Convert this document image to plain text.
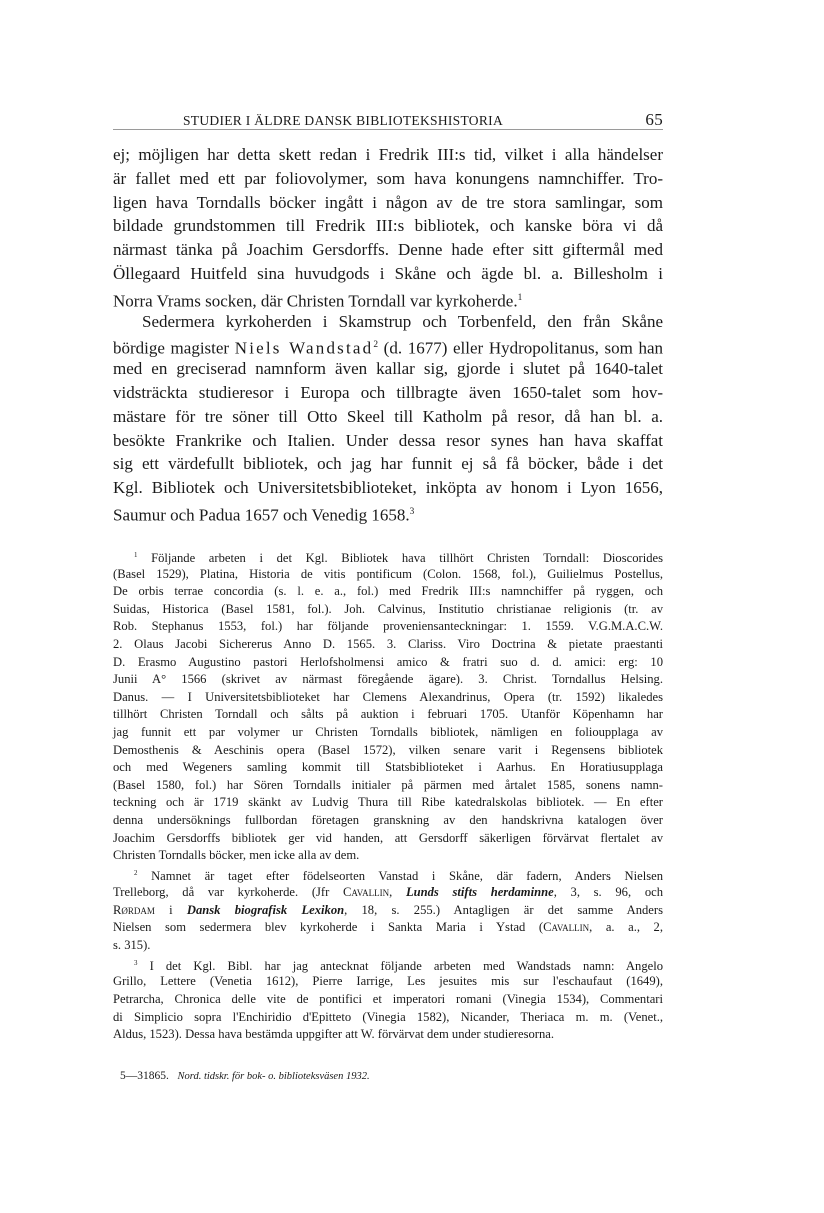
STUDIER I ÄLDRE DANSK BIBLIOTEKSHISTORIA	65
ej; möjligen har detta skett redan i Fredrik III:s tid, vilket i alla händelser
är fallet med ett par foliovolymer, som hava konungens namnchiffer. Tro-
ligen hava Torndalls böcker ingått i någon av de tre stora samlingar, som
bildade grundstommen till Fredrik III:s bibliotek, och kanske böra vi då
närmast tänka på Joachim Gersdorffs. Denne hade efter sitt giftermål med
Öllegaard Huitfeld sina huvudgods i Skåne och ägde bl. a. Billesholm i
Norra Vrams socken, där Christen Torndall var kyrkoherde.$^1$
Sedermera kyrkoherden i Skamstrup och Torbenfeld, den från Skåne
bördige magister Niels Wandstad$^2$ (d. 1677) eller Hydropolitanus, som han
med en greciserad namnform även kallar sig, gjorde i slutet på 1640-talet
vidsträckta studieresor i Europa och tillbragte även 1650-talet som hov-
mästare för tre söner till Otto Skeel till Katholm på resor, då han bl. a.
besökte Frankrike och Italien. Under dessa resor synes han hava skaffat
sig ett värdefullt bibliotek, och jag har funnit ej så få böcker, både i det
Kgl. Bibliotek och Universitetsbiblioteket, inköpta av honom i Lyon 1656,
Saumur och Padua 1657 och Venedig 1658.$^3$
$^1$ Följande arbeten i det Kgl. Bibliotek hava tillhört Christen Torndall: Dioscorides
(Basel 1529), Platina, Historia de vitis pontificum (Colon. 1568, fol.), Guilielmus Postellus,
De orbis terrae concordia (s. l. e. a., fol.) med Fredrik III:s namnchiffer på ryggen, och
Suidas, Historica (Basel 1581, fol.). Joh. Calvinus, Institutio christianae religionis (tr. av
Rob. Stephanus 1553, fol.) har följande proveniensanteckningar: 1. 1559. V.G.M.A.C.W.
2. Olaus Jacobi Sichererus Anno D. 1565. 3. Clariss. Viro Doctrina & pietate praestanti
D. Erasmo Augustino pastori Herlofsholmensi amico & fratri suo d. d. amici: erg: 10
Junii A° 1566 (skrivet av närmast föregående ägare). 3. Christ. Torndallus Helsing.
Danus. — I Universitetsbiblioteket har Clemens Alexandrinus, Opera (tr. 1592) likaledes
tillhört Christen Torndall och sålts på auktion i februari 1705. Utanför Köpenhamn har
jag funnit ett par volymer ur Christen Torndalls bibliotek, nämligen en folioupplaga av
Demosthenis & Aeschinis opera (Basel 1572), vilken senare varit i Regensens bibliotek
och med Wegeners samling kommit till Statsbiblioteket i Aarhus. En Horatiusupplaga
(Basel 1580, fol.) har Sören Torndalls initialer på pärmen med årtalet 1585, sonens namn-
teckning och är 1719 skänkt av Ludvig Thura till Ribe katedralskolas bibliotek. — En efter
denna undersöknings fullbordan företagen granskning av den handskrivna katalogen över
Joachim Gersdorffs bibliotek ger vid handen, att Gersdorff säkerligen förvärvat flertalet av
Christen Torndalls böcker, men icke alla av dem.
$^2$ Namnet är taget efter födelseorten Vanstad i Skåne, där fadern, Anders Nielsen
Trelleborg, då var kyrkoherde. (Jfr Cavallin, Lunds stifts herdaminne, 3, s. 96, och
Rørdam i Dansk biografisk Lexikon, 18, s. 255.) Antagligen är det samme Anders
Nielsen som sedermera blev kyrkoherde i Sankta Maria i Ystad (Cavallin, a. a., 2,
s. 315).
$^3$ I det Kgl. Bibl. har jag antecknat följande arbeten med Wandstads namn: Angelo
Grillo, Lettere (Venetia 1612), Pierre Iarrige, Les jesuites mis sur l'eschaufaut (1649),
Petrarcha, Chronica delle vite de pontifici et imperatori romani (Vinegia 1534), Commentari
di Simplicio sopra l'Enchiridio d'Epitteto (Vinegia 1582), Nicander, Theriaca m. m. (Venet.,
Aldus, 1523). Dessa hava bestämda uppgifter att W. förvärvat dem under studieresorna.
5—31865. Nord. tidskr. för bok- o. biblioteksväsen 1932.
